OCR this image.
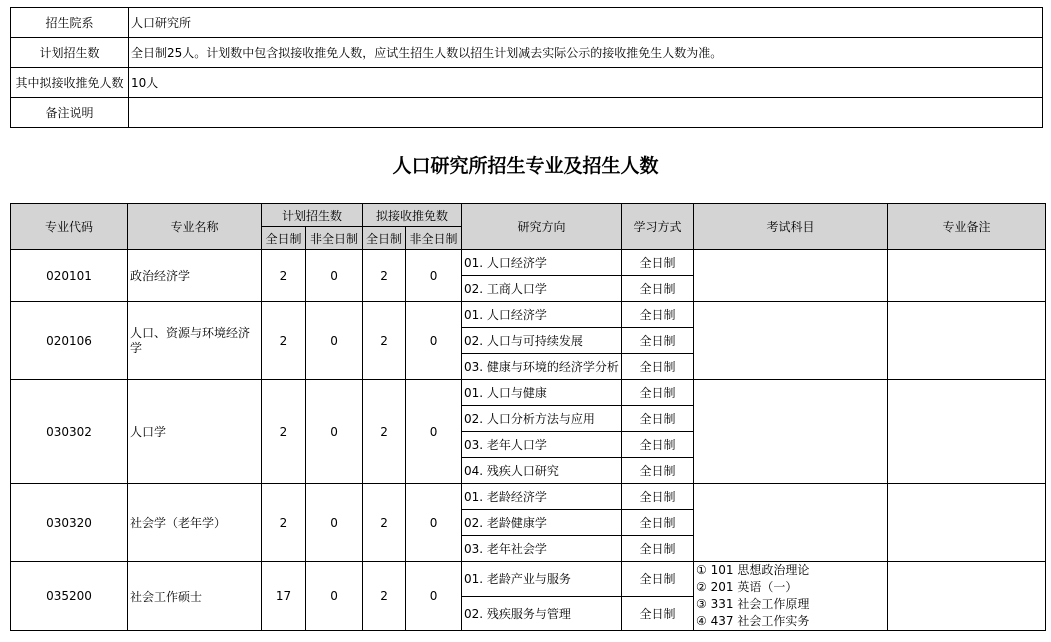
招生院系	人口研究所
计划招生数	全日制25人。计划数中包含拟接收推免人数，应试生招生人数以招生计划减去实际公示的接收推免生人数为准。
其中拟接收推免人数	10人
备注说明	
人口研究所招生专业及招生人数
专业代码	专业名称	计划招生数		拟接收推免数		研究方向	学习方式	考试科目	专业备注
		全日制	非全日制	全日制	非全日制				
020101	政治经济学	2	0	2	0	01. 人口经济学	全日制		
						02. 工商人口学	全日制		
020106	人口、资源与环境经济学	2	0	2	0	01. 人口经济学	全日制		
						02. 人口与可持续发展	全日制		
						03. 健康与环境的经济学分析	全日制		
030302	人口学	2	0	2	0	01. 人口与健康	全日制		
						02. 人口分析方法与应用	全日制		
						03. 老年人口学	全日制		
						04. 残疾人口研究	全日制		
030320	社会学（老年学）	2	0	2	0	01. 老龄经济学	全日制		
						02. 老龄健康学	全日制		
						03. 老年社会学	全日制		
035200	社会工作硕士	17	0	2	0	01. 老龄产业与服务	全日制	① 101 思想政治理论
② 201 英语（一）
③ 331 社会工作原理
④ 437 社会工作实务	

						02. 残疾服务与管理	全日制		
